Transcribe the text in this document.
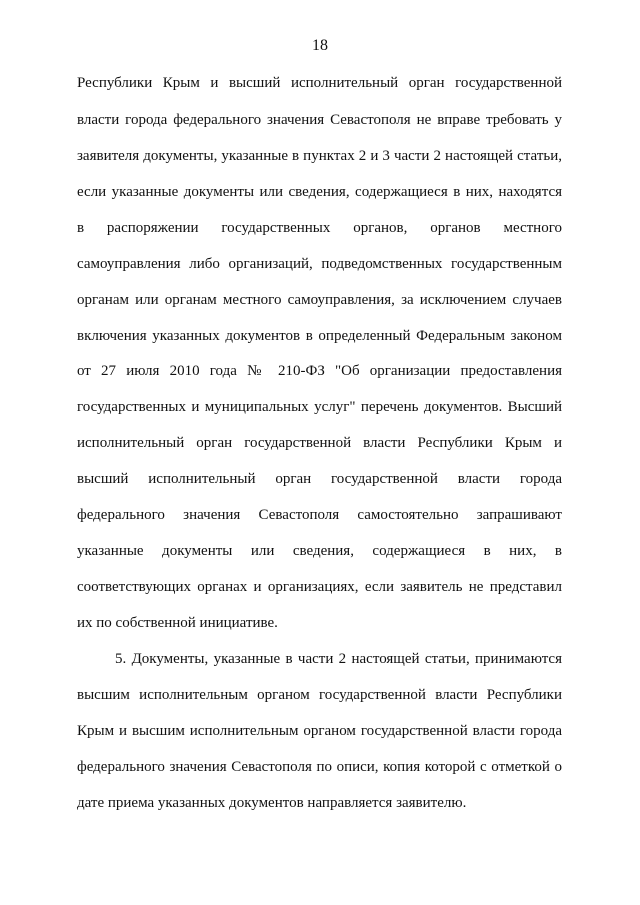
18
Республики Крым и высший исполнительный орган государственной
власти города федерального значения Севастополя не вправе требовать у
заявителя документы, указанные в пунктах 2 и 3 части 2 настоящей статьи,
если указанные документы или сведения, содержащиеся в них, находятся
в распоряжении государственных органов, органов местного
самоуправления либо организаций, подведомственных государственным
органам или органам местного самоуправления, за исключением случаев
включения указанных документов в определенный Федеральным законом
от 27 июля 2010 года № 210-ФЗ "Об организации предоставления
государственных и муниципальных услуг" перечень документов. Высший
исполнительный орган государственной власти Республики Крым и
высший исполнительный орган государственной власти города
федерального значения Севастополя самостоятельно запрашивают
указанные документы или сведения, содержащиеся в них, в
соответствующих органах и организациях, если заявитель не представил
их по собственной инициативе.
5. Документы, указанные в части 2 настоящей статьи, принимаются
высшим исполнительным органом государственной власти Республики
Крым и высшим исполнительным органом государственной власти города
федерального значения Севастополя по описи, копия которой с отметкой о
дате приема указанных документов направляется заявителю.
